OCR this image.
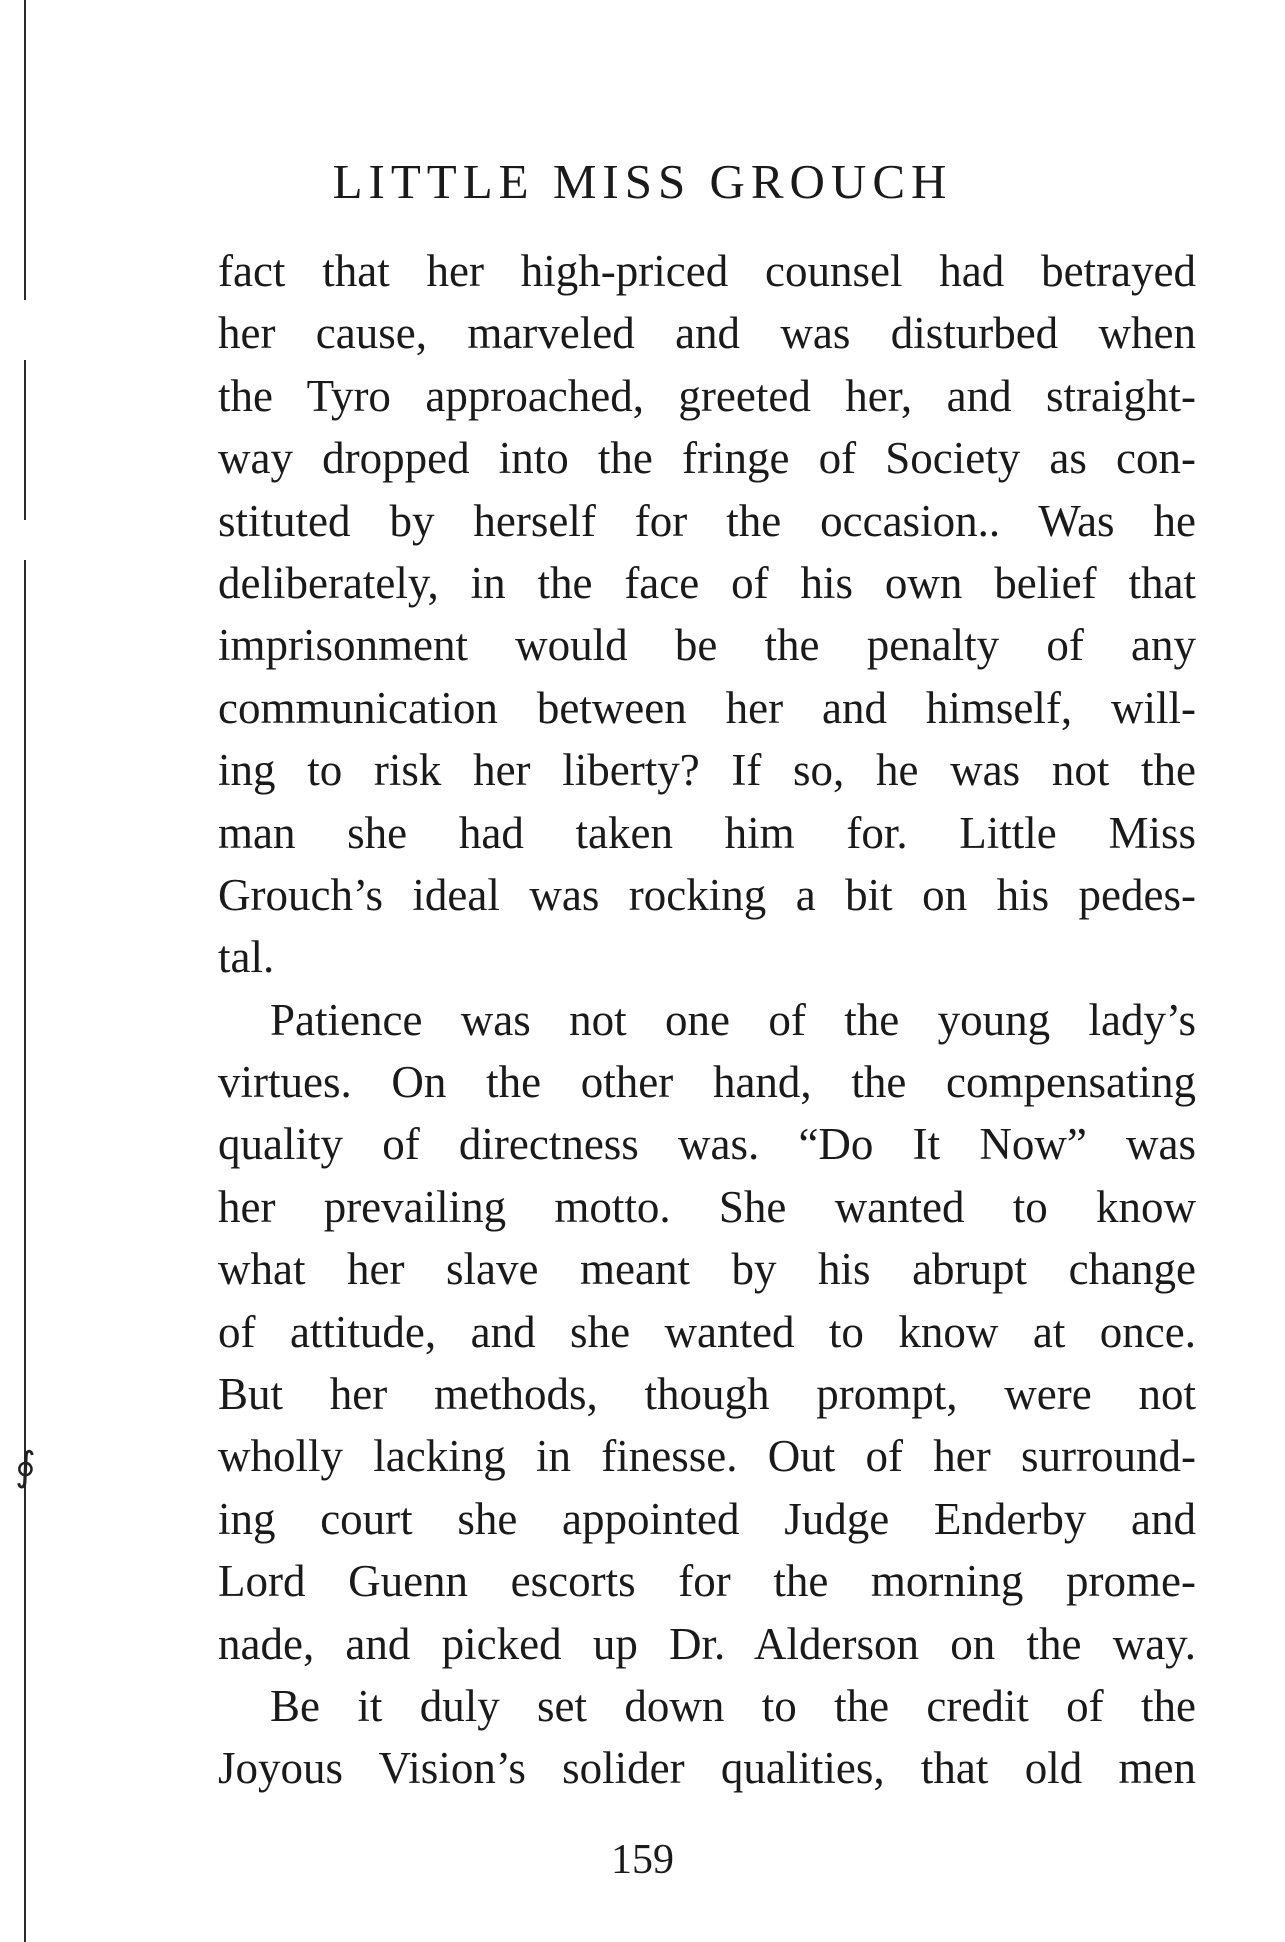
∮
LITTLE MISS GROUCH
fact that her high-priced counsel had betrayed
her cause, marveled and was disturbed when
the Tyro approached, greeted her, and straight-
way dropped into the fringe of Society as con-
stituted by herself for the occasion.. Was he
deliberately, in the face of his own belief that
imprisonment would be the penalty of any
communication between her and himself, will-
ing to risk her liberty? If so, he was not the
man she had taken him for. Little Miss
Grouch’s ideal was rocking a bit on his pedes-
tal.
Patience was not one of the young lady’s
virtues. On the other hand, the compensating
quality of directness was. “Do It Now” was
her prevailing motto. She wanted to know
what her slave meant by his abrupt change
of attitude, and she wanted to know at once.
But her methods, though prompt, were not
wholly lacking in finesse. Out of her surround-
ing court she appointed Judge Enderby and
Lord Guenn escorts for the morning prome-
nade, and picked up Dr. Alderson on the way.
Be it duly set down to the credit of the
Joyous Vision’s solider qualities, that old men
159
